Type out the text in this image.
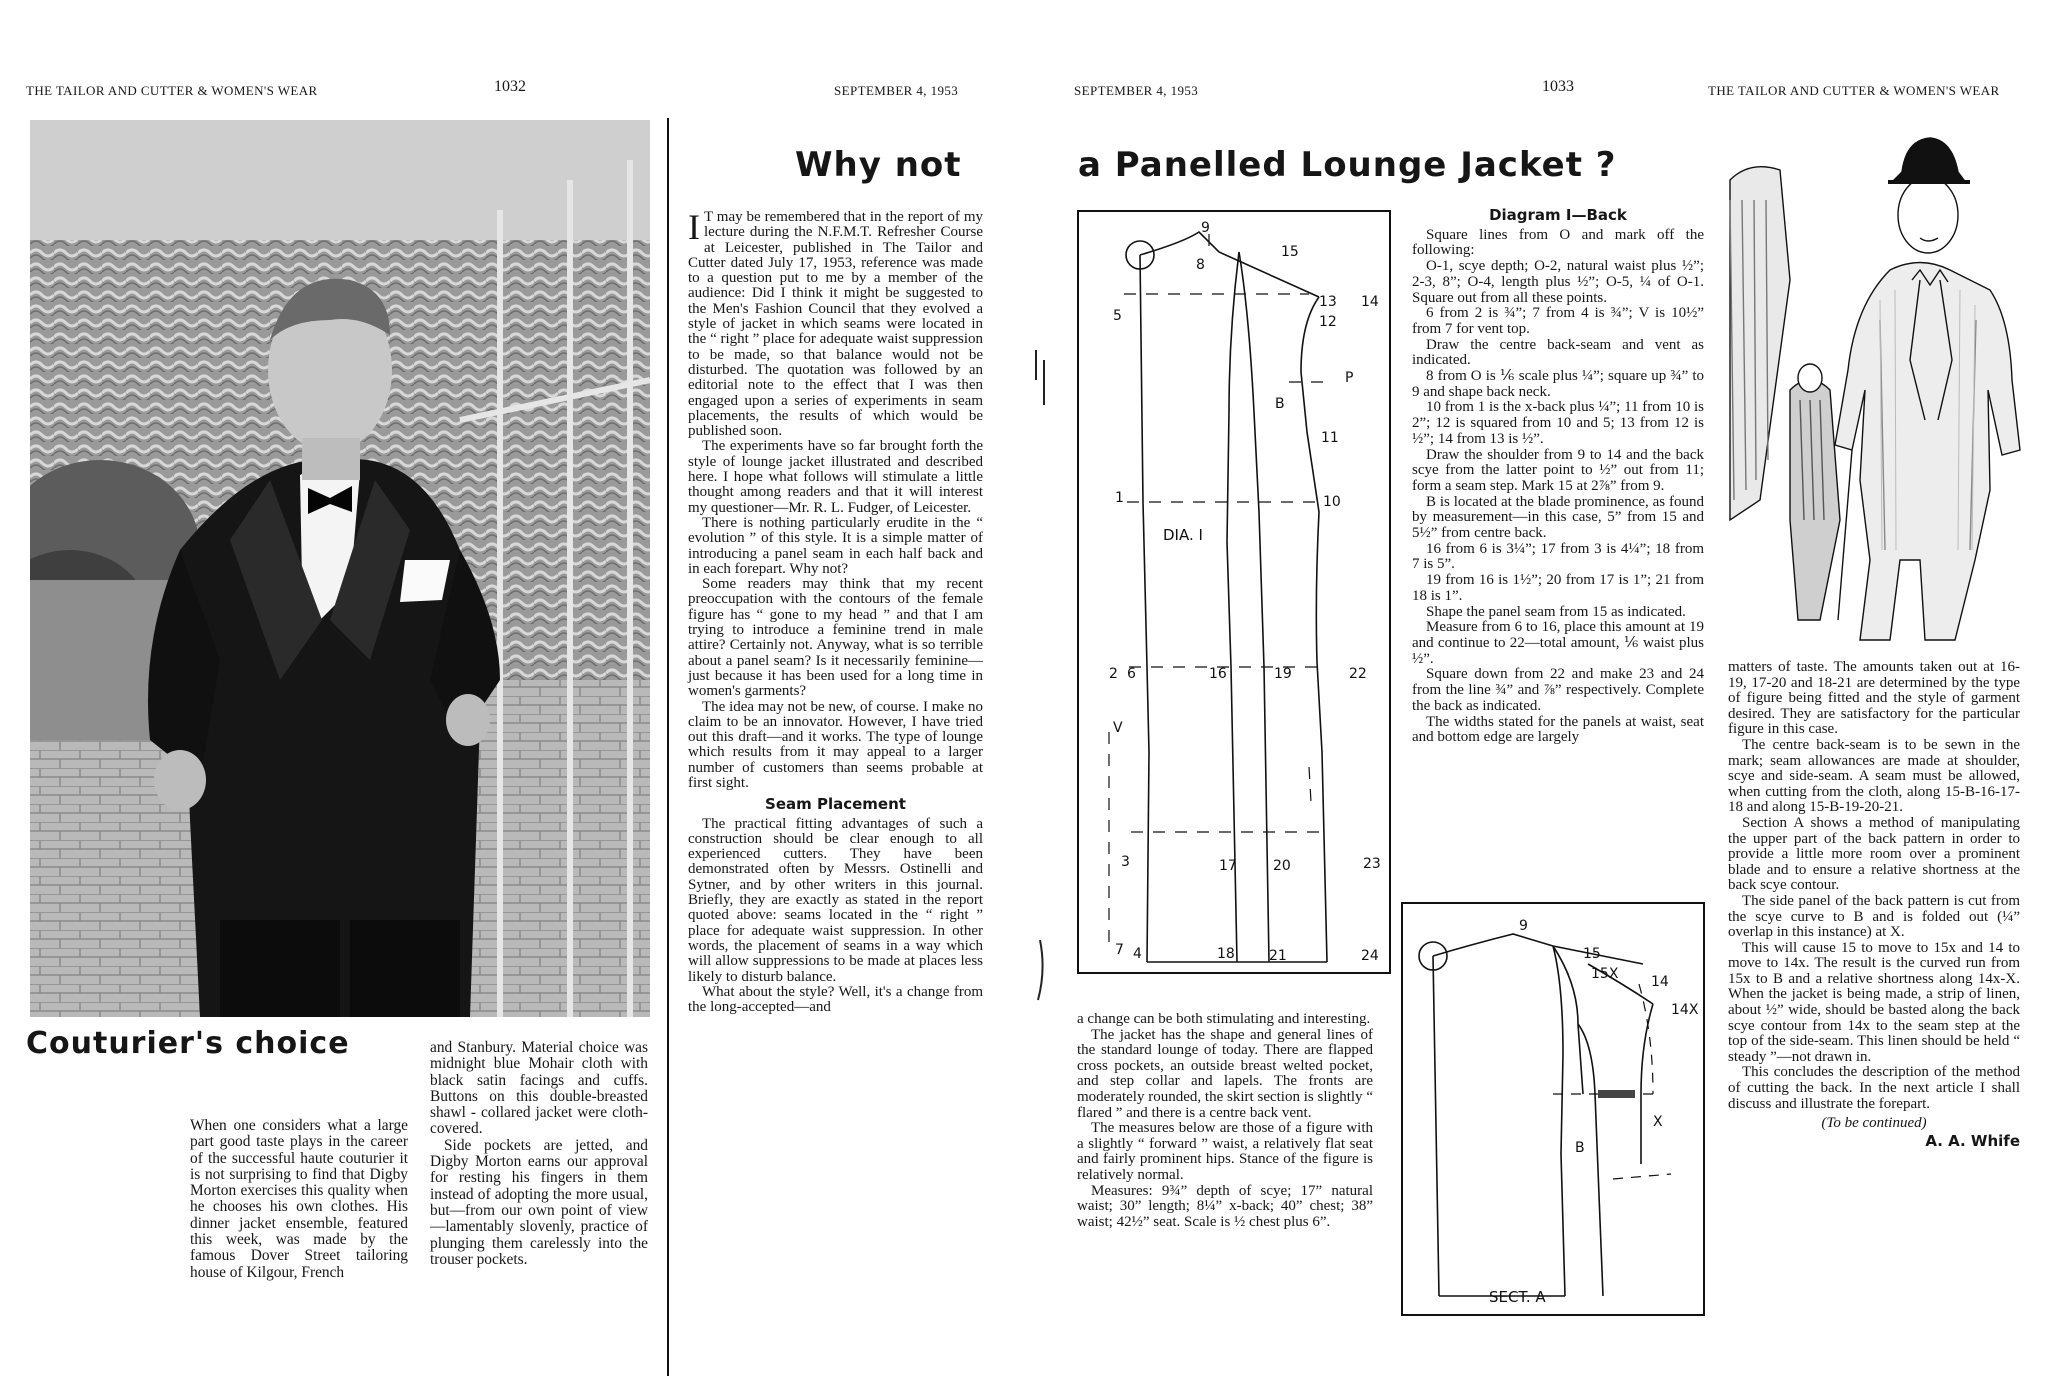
THE TAILOR AND CUTTER & WOMEN'S WEAR	1032	SEPTEMBER 4, 1953
Couturier's choice

When one considers what a large part good taste plays in the career of the successful haute couturier it is not surprising to find that Digby Morton exercises this quality when he chooses his own clothes. His dinner jacket ensemble, featured this week, was made by the famous Dover Street tailoring house of Kilgour, French

and Stanbury. Material choice was midnight blue Mohair cloth with black satin facings and cuffs. Buttons on this double-breasted shawl - collared jacket were cloth-covered.

Side pockets are jetted, and Digby Morton earns our approval for resting his fingers in them instead of adopting the more usual, but—from our own point of view—lamentably slovenly, practice of plunging them carelessly into the trouser pockets.

Why not

I T may be remembered that in the report of my lecture during the N.F.M.T. Refresher Course at Leicester, published in The Tailor and Cutter dated July 17, 1953, reference was made to a question put to me by a member of the audience: Did I think it might be suggested to the Men's Fashion Council that they evolved a style of jacket in which seams were located in the “ right ” place for adequate waist suppression to be made, so that balance would not be disturbed. The quotation was followed by an editorial note to the effect that I was then engaged upon a series of experiments in seam placements, the results of which would be published soon.

The experiments have so far brought forth the style of lounge jacket illustrated and described here. I hope what follows will stimulate a little thought among readers and that it will interest my questioner—Mr. R. L. Fudger, of Leicester.

There is nothing particularly erudite in the “ evolution ” of this style. It is a simple matter of introducing a panel seam in each half back and in each forepart. Why not?

Some readers may think that my recent preoccupation with the contours of the female figure has “ gone to my head ” and that I am trying to introduce a feminine trend in male attire? Certainly not. Anyway, what is so terrible about a panel seam? Is it necessarily feminine—just because it has been used for a long time in women's garments?

The idea may not be new, of course. I make no claim to be an innovator. However, I have tried out this draft—and it works. The type of lounge which results from it may appeal to a larger number of customers than seems probable at first sight.

Seam Placement

The practical fitting advantages of such a construction should be clear enough to all experienced cutters. They have been demonstrated often by Messrs. Ostinelli and Sytner, and by other writers in this journal. Briefly, they are exactly as stated in the report quoted above: seams located in the “ right ” place for adequate waist suppression. In other words, the placement of seams in a way which will allow suppressions to be made at places less likely to disturb balance.

What about the style? Well, it's a change from the long-accepted—and

SEPTEMBER 4, 1953	1033	THE TAILOR AND CUTTER & WOMEN'S WEAR
a Panelled Lounge Jacket ?
9
8
15
5
13 14
12
P
B
11
1	10
DIA. I
2 6	16	19	22
V
3	17	20	23
7 4	18 21	24

a change can be both stimulating and interesting.

The jacket has the shape and general lines of the standard lounge of today. There are flapped cross pockets, an outside breast welted pocket, and step collar and lapels. The fronts are moderately rounded, the skirt section is slightly “ flared ” and there is a centre back vent.

The measures below are those of a figure with a slightly “ forward ” waist, a relatively flat seat and fairly prominent hips. Stance of the figure is relatively normal.

Measures: 9¾” depth of scye; 17” natural waist; 30” length; 8¼” x-back; 40” chest; 38” waist; 42½” seat. Scale is ½ chest plus 6”.

Diagram I—Back

Square lines from O and mark off the following:

O-1, scye depth; O-2, natural waist plus ½”; 2-3, 8”; O-4, length plus ½”; O-5, ¼ of O-1. Square out from all these points.

6 from 2 is ¾”; 7 from 4 is ¾”; V is 10½” from 7 for vent top.

Draw the centre back-seam and vent as indicated.

8 from O is ⅙ scale plus ¼”; square up ¾” to 9 and shape back neck.

10 from 1 is the x-back plus ¼”; 11 from 10 is 2”; 12 is squared from 10 and 5; 13 from 12 is ½”; 14 from 13 is ½”.

Draw the shoulder from 9 to 14 and the back scye from the latter point to ½” out from 11; form a seam step. Mark 15 at 2⅞” from 9.

B is located at the blade prominence, as found by measurement—in this case, 5” from 15 and 5½” from centre back.

16 from 6 is 3¼”; 17 from 3 is 4¼”; 18 from 7 is 5”.

19 from 16 is 1½”; 20 from 17 is 1”; 21 from 18 is 1”.

Shape the panel seam from 15 as indicated.

Measure from 6 to 16, place this amount at 19 and continue to 22—total amount, ⅙ waist plus ½”.

Square down from 22 and make 23 and 24 from the line ¾” and ⅞” respectively. Complete the back as indicated.

The widths stated for the panels at waist, seat and bottom edge are largely

9
15
15X 14
14X
B
X
SECT. A

matters of taste. The amounts taken out at 16-19, 17-20 and 18-21 are determined by the type of figure being fitted and the style of garment desired. They are satisfactory for the particular figure in this case.

The centre back-seam is to be sewn in the mark; seam allowances are made at shoulder, scye and side-seam. A seam must be allowed, when cutting from the cloth, along 15-B-16-17-18 and along 15-B-19-20-21.

Section A shows a method of manipulating the upper part of the back pattern in order to provide a little more room over a prominent blade and to ensure a relative shortness at the back scye contour.

The side panel of the back pattern is cut from the scye curve to B and is folded out (¼” overlap in this instance) at X.

This will cause 15 to move to 15x and 14 to move to 14x. The result is the curved run from 15x to B and a relative shortness along 14x-X. When the jacket is being made, a strip of linen, about ½” wide, should be basted along the back scye contour from 14x to the seam step at the top of the side-seam. This linen should be held “ steady ”—not drawn in.

This concludes the description of the method of cutting the back. In the next article I shall discuss and illustrate the forepart.

(To be continued)
A. A. Whife
